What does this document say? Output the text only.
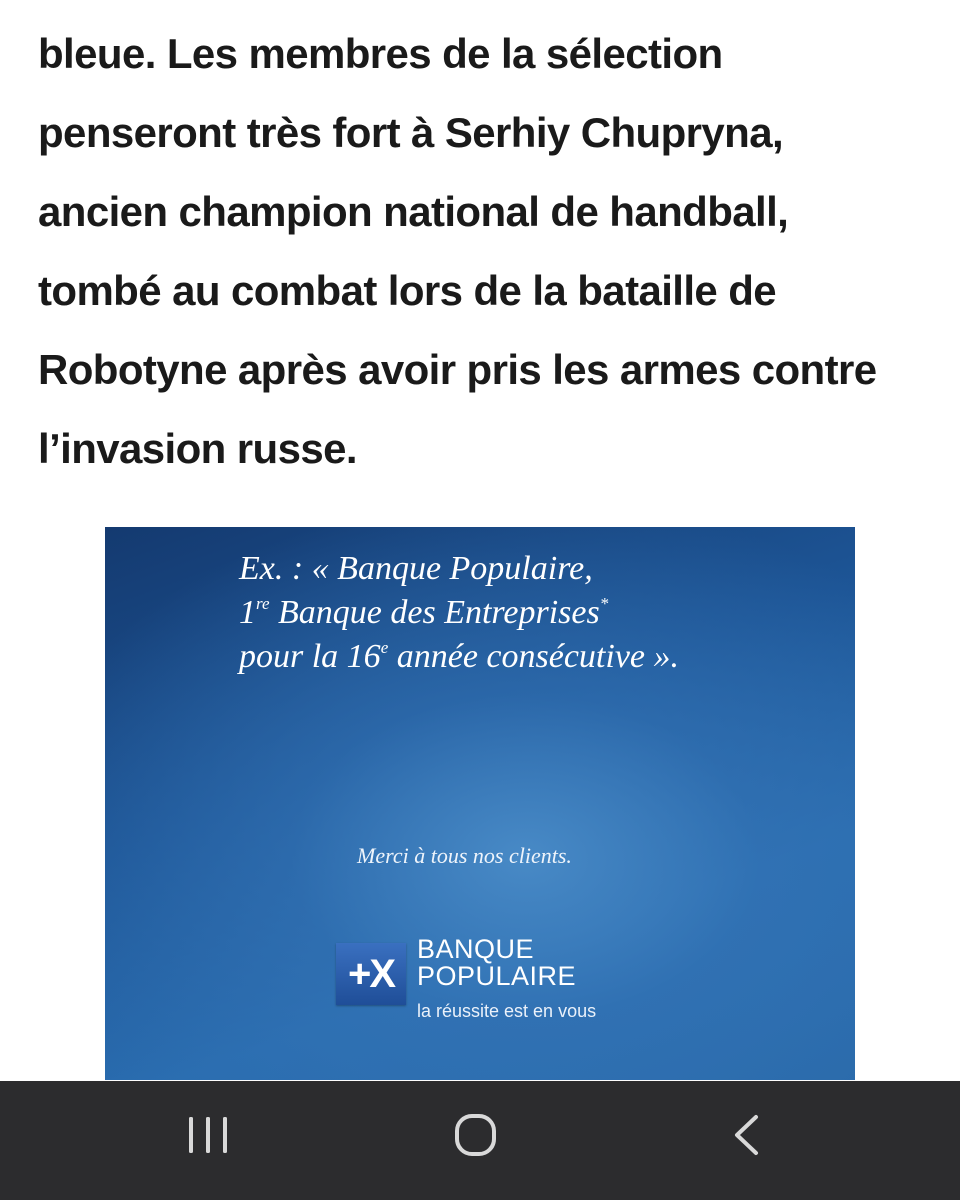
bleue. Les membres de la sélection
penseront très fort à Serhiy Chupryna,
ancien champion national de handball,
tombé au combat lors de la bataille de
Robotyne après avoir pris les armes contre
l’invasion russe.
Ex. : « Banque Populaire,
1re Banque des Entreprises*
pour la 16e année consécutive ».
Merci à tous nos clients.
+X
BANQUE
POPULAIRE
la réussite est en vous
